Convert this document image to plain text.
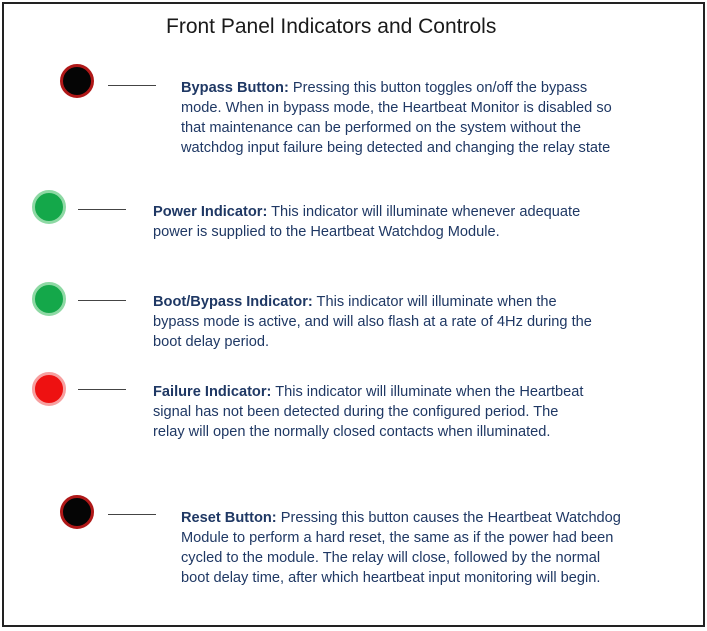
Front Panel Indicators and Controls
Bypass Button: Pressing this button toggles on/off the bypass
mode. When in bypass mode, the Heartbeat Monitor is disabled so
that maintenance can be performed on the system without the
watchdog input failure being detected and changing the relay state
Power Indicator: This indicator will illuminate whenever adequate
power is supplied to the Heartbeat Watchdog Module.
Boot/Bypass Indicator: This indicator will illuminate when the
bypass mode is active, and will also flash at a rate of 4Hz during the
boot delay period.
Failure Indicator: This indicator will illuminate when the Heartbeat
signal has not been detected during the configured period. The
relay will open the normally closed contacts when illuminated.
Reset Button: Pressing this button causes the Heartbeat Watchdog
Module to perform a hard reset, the same as if the power had been
cycled to the module. The relay will close, followed by the normal
boot delay time, after which heartbeat input monitoring will begin.
